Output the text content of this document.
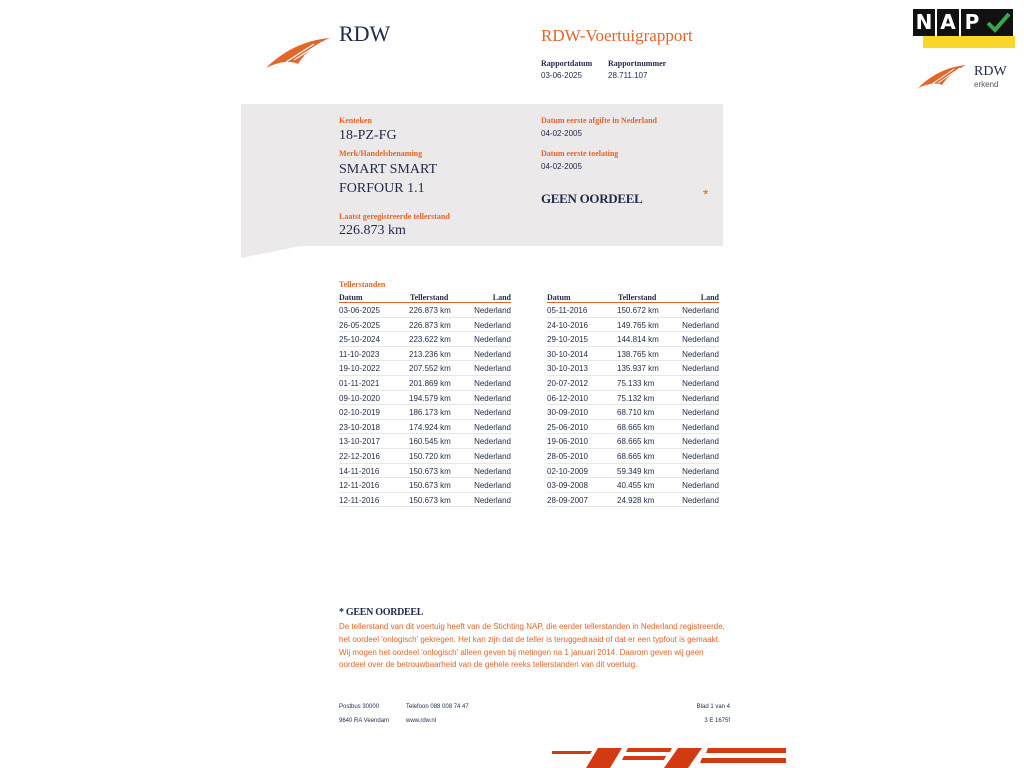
RDW	RDW-Voertuigrapport
Rapportdatum
03-06-2025
Rapportnummer
28.711.107
N A P
RDW
erkend
Kenteken
18-PZ-FG
Merk/Handelsbenaming
SMART SMART
FORFOUR 1.1
Laatst geregistreerde tellerstand
226.873 km
Datum eerste afgifte in Nederland
04-02-2005
Datum eerste toelating
04-02-2005
GEEN OORDEEL	*
Tellerstanden
Datum	Tellerstand	Land
03-06-2025	226.873 km	Nederland
26-05-2025	226.873 km	Nederland
25-10-2024	223.622 km	Nederland
11-10-2023	213.236 km	Nederland
19-10-2022	207.552 km	Nederland
01-11-2021	201.869 km	Nederland
09-10-2020	194.579 km	Nederland
02-10-2019	186.173 km	Nederland
23-10-2018	174.924 km	Nederland
13-10-2017	160.545 km	Nederland
22-12-2016	150.720 km	Nederland
14-11-2016	150.673 km	Nederland
12-11-2016	150.673 km	Nederland
12-11-2016	150.673 km	Nederland
Datum	Tellerstand	Land
05-11-2016	150.672 km	Nederland
24-10-2016	149.765 km	Nederland
29-10-2015	144.814 km	Nederland
30-10-2014	138.765 km	Nederland
30-10-2013	135.937 km	Nederland
20-07-2012	75.133 km	Nederland
06-12-2010	75.132 km	Nederland
30-09-2010	68.710 km	Nederland
25-06-2010	68.665 km	Nederland
19-06-2010	68.665 km	Nederland
28-05-2010	68.665 km	Nederland
02-10-2009	59.349 km	Nederland
03-09-2008	40.455 km	Nederland
28-09-2007	24.928 km	Nederland
* GEEN OORDEEL
De tellerstand van dit voertuig heeft van de Stichting NAP, die eerder tellerstanden in Nederland registreerde, het oordeel 'onlogisch' gekregen. Het kan zijn dat de teller is teruggedraaid of dat er een typfout is gemaakt. Wij mogen het oordeel 'onlogisch' alleen geven bij metingen na 1 januari 2014. Daarom geven wij geen oordeel over de betrouwbaarheid van de gehele reeks tellerstanden van dit voertuig.
Postbus 30000
9640 RA Veendam
Telefoon 088 008 74 47
www.rdw.nl
Blad 1 van 4
3 E 1675f
